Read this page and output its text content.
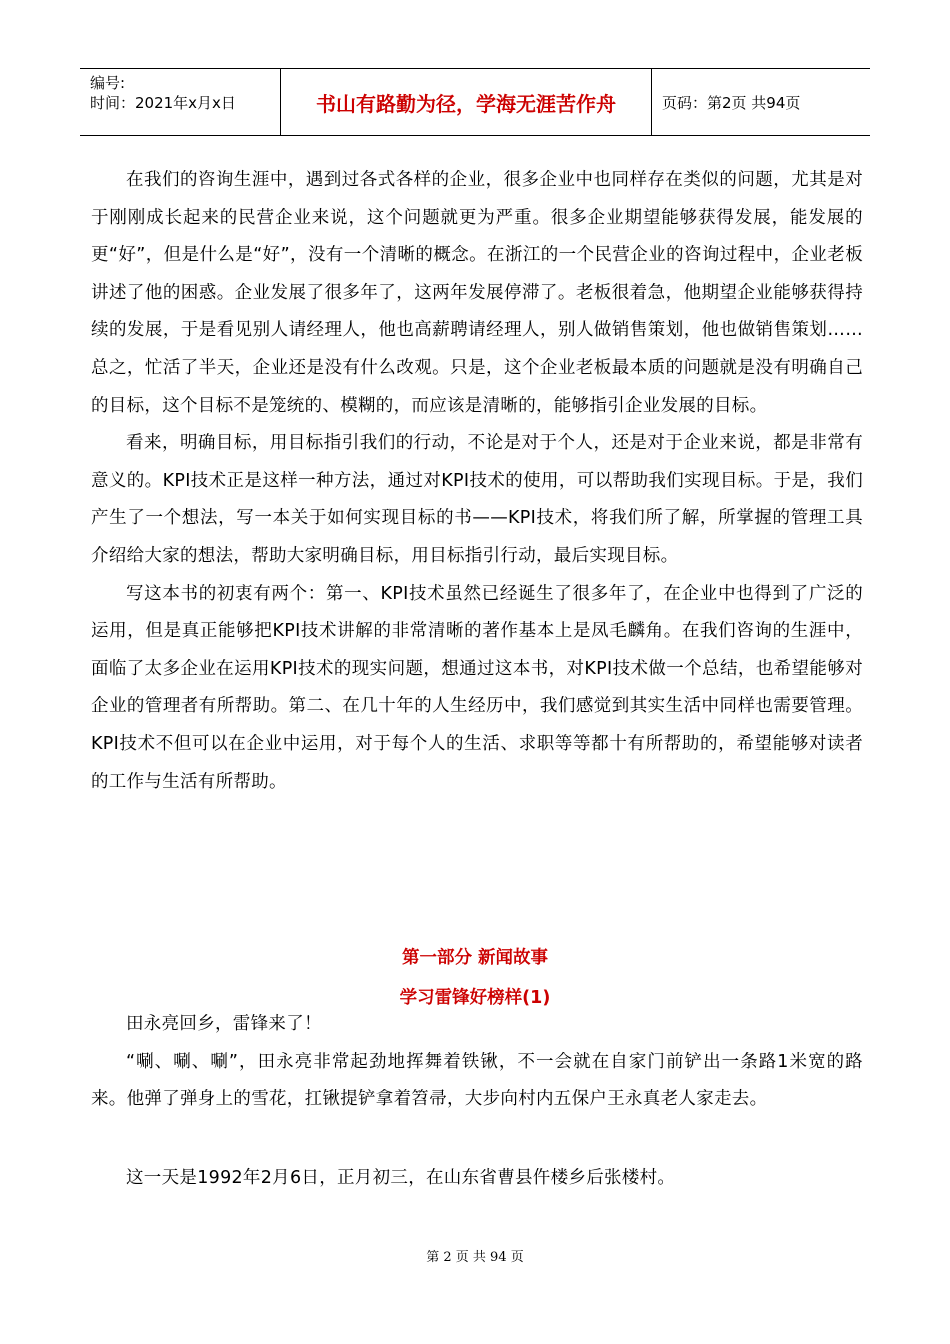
编号:
时间：2021年x月x日	书山有路勤为径，学海无涯苦作舟	页码：第2页 共94页

在我们的咨询生涯中，遇到过各式各样的企业，很多企业中也同样存在类似的问题，尤其是对于刚刚成长起来的民营企业来说，这个问题就更为严重。很多企业期望能够获得发展，能发展的更“好”，但是什么是“好”，没有一个清晰的概念。在浙江的一个民营企业的咨询过程中，企业老板讲述了他的困惑。企业发展了很多年了，这两年发展停滞了。老板很着急，他期望企业能够获得持续的发展，于是看见别人请经理人，他也高薪聘请经理人，别人做销售策划，他也做销售策划……总之，忙活了半天，企业还是没有什么改观。只是，这个企业老板最本质的问题就是没有明确自己的目标，这个目标不是笼统的、模糊的，而应该是清晰的，能够指引企业发展的目标。

看来，明确目标，用目标指引我们的行动，不论是对于个人，还是对于企业来说，都是非常有意义的。KPI技术正是这样一种方法，通过对KPI技术的使用，可以帮助我们实现目标。于是，我们产生了一个想法，写一本关于如何实现目标的书——KPI技术，将我们所了解，所掌握的管理工具介绍给大家的想法，帮助大家明确目标，用目标指引行动，最后实现目标。

写这本书的初衷有两个：第一、KPI技术虽然已经诞生了很多年了，在企业中也得到了广泛的运用，但是真正能够把KPI技术讲解的非常清晰的著作基本上是凤毛麟角。在我们咨询的生涯中，面临了太多企业在运用KPI技术的现实问题，想通过这本书，对KPI技术做一个总结，也希望能够对企业的管理者有所帮助。第二、在几十年的人生经历中，我们感觉到其实生活中同样也需要管理。KPI技术不但可以在企业中运用，对于每个人的生活、求职等等都十有所帮助的，希望能够对读者的工作与生活有所帮助。

第一部分 新闻故事
学习雷锋好榜样(1)

田永亮回乡，雷锋来了！

“唰、唰、唰”，田永亮非常起劲地挥舞着铁锹，不一会就在自家门前铲出一条路1米宽的路来。他弹了弹身上的雪花，扛锹提铲拿着笤帚，大步向村内五保户王永真老人家走去。

这一天是1992年2月6日，正月初三，在山东省曹县仵楼乡后张楼村。

第 2 页 共 94 页
